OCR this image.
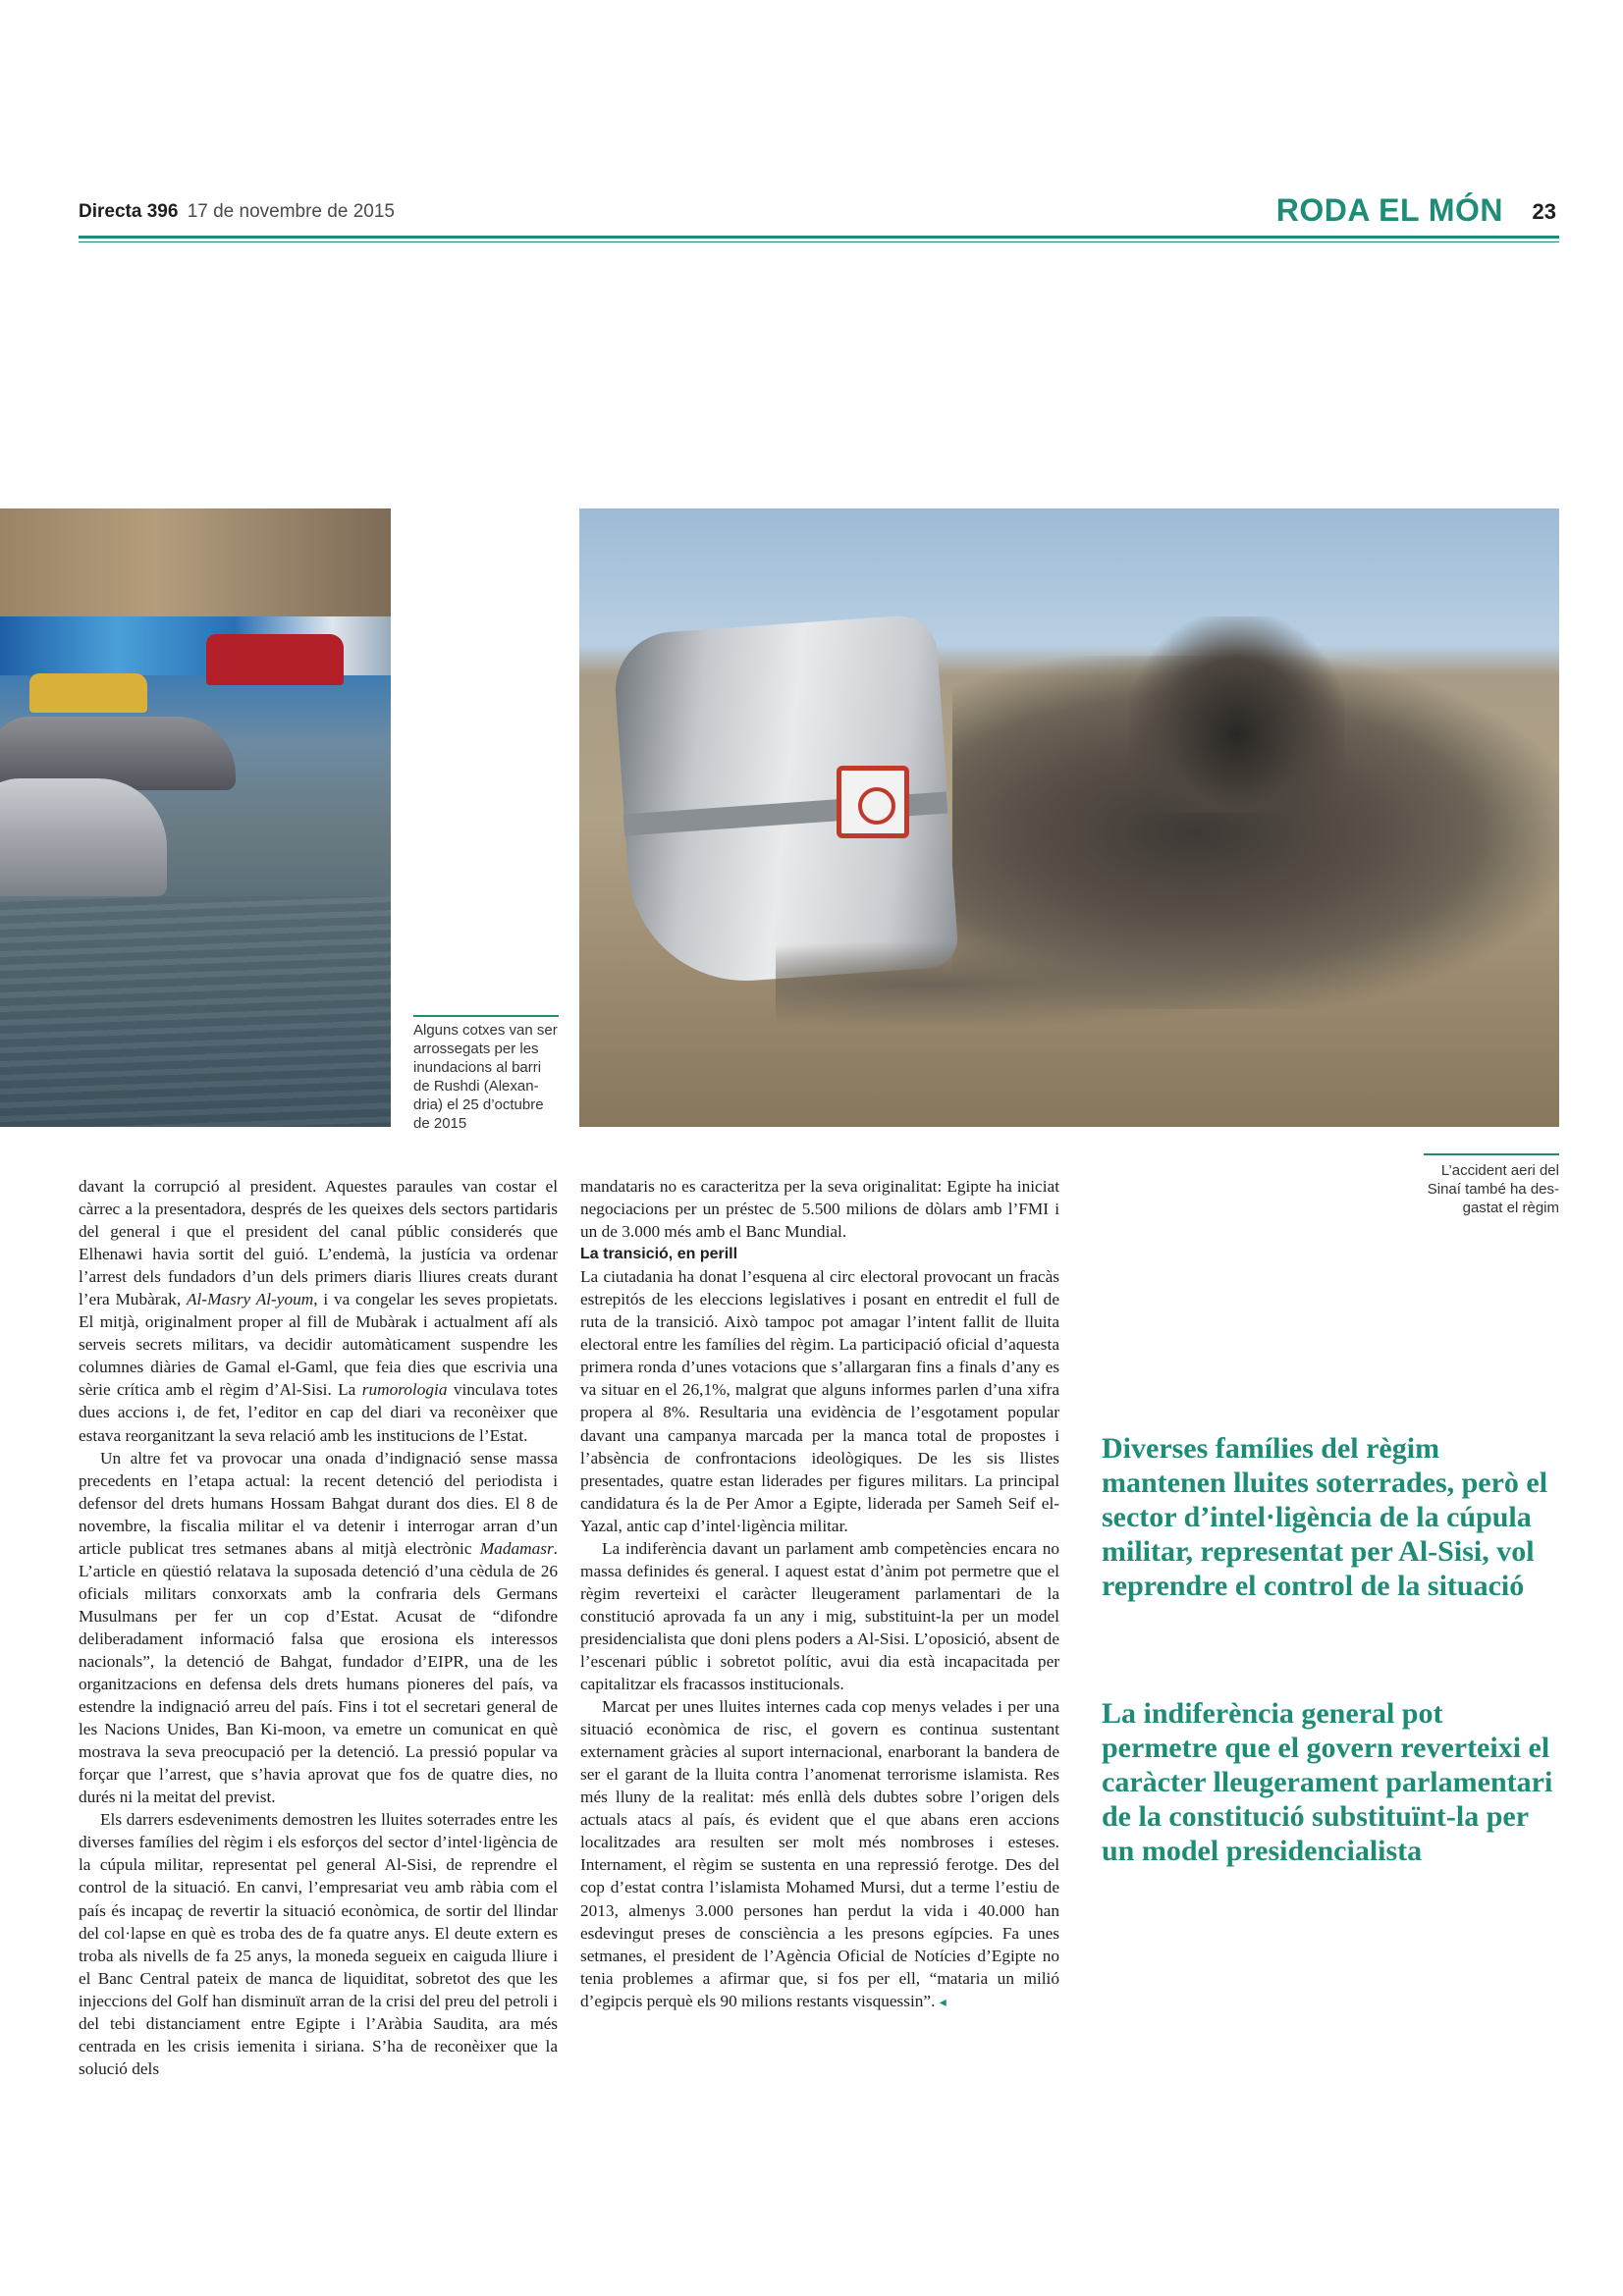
Directa 396 17 de novembre de 2015	RODA EL MÓN 23
Alguns cotxes van ser
arrossegats per les
inundacions al barri
de Rushdi (Alexan-
dria) el 25 d’octubre
de 2015
L’accident aeri del
Sinaí també ha des-
gastat el règim

davant la corrupció al president. Aquestes paraules van costar el càrrec a la presentadora, després de les queixes dels sectors partidaris del general i que el president del canal públic considerés que Elhenawi havia sortit del guió. L’endemà, la justícia va ordenar l’arrest dels fundadors d’un dels primers diaris lliures creats durant l’era Mubàrak, Al-Masry Al-youm, i va congelar les seves propietats. El mitjà, originalment proper al fill de Mubàrak i actualment afí als serveis secrets militars, va decidir automàticament suspendre les columnes diàries de Gamal el-Gaml, que feia dies que escrivia una sèrie crítica amb el règim d’Al-Sisi. La rumorologia vinculava totes dues accions i, de fet, l’editor en cap del diari va reconèixer que estava reorganitzant la seva relació amb les institucions de l’Estat.

Un altre fet va provocar una onada d’indignació sense massa precedents en l’etapa actual: la recent detenció del periodista i defensor del drets humans Hossam Bahgat durant dos dies. El 8 de novembre, la fiscalia militar el va detenir i interrogar arran d’un article publicat tres setmanes abans al mitjà electrònic Madamasr. L’article en qüestió relatava la suposada detenció d’una cèdula de 26 oficials militars conxorxats amb la confraria dels Germans Musulmans per fer un cop d’Estat. Acusat de “difondre deliberadament informació falsa que erosiona els interessos nacionals”, la detenció de Bahgat, fundador d’EIPR, una de les organitzacions en defensa dels drets humans pioneres del país, va estendre la indignació arreu del país. Fins i tot el secretari general de les Nacions Unides, Ban Ki-moon, va emetre un comunicat en què mostrava la seva preocupació per la detenció. La pressió popular va forçar que l’arrest, que s’havia aprovat que fos de quatre dies, no durés ni la meitat del previst.

Els darrers esdeveniments demostren les lluites soterrades entre les diverses famílies del règim i els esforços del sector d’intel·ligència de la cúpula militar, representat pel general Al-Sisi, de reprendre el control de la situació. En canvi, l’empresariat veu amb ràbia com el país és incapaç de revertir la situació econòmica, de sortir del llindar del col·lapse en què es troba des de fa quatre anys. El deute extern es troba als nivells de fa 25 anys, la moneda segueix en caiguda lliure i el Banc Central pateix de manca de liquiditat, sobretot des que les injeccions del Golf han disminuït arran de la crisi del preu del petroli i del tebi distanciament entre Egipte i l’Aràbia Saudita, ara més centrada en les crisis iemenita i siriana. S’ha de reconèixer que la solució dels

mandataris no es caracteritza per la seva originalitat: Egipte ha iniciat negociacions per un préstec de 5.500 milions de dòlars amb l’FMI i un de 3.000 més amb el Banc Mundial.

La transició, en perill

La ciutadania ha donat l’esquena al circ electoral provocant un fracàs estrepitós de les eleccions legislatives i posant en entredit el full de ruta de la transició. Això tampoc pot amagar l’intent fallit de lluita electoral entre les famílies del règim. La participació oficial d’aquesta primera ronda d’unes votacions que s’allargaran fins a finals d’any es va situar en el 26,1%, malgrat que alguns informes parlen d’una xifra propera al 8%. Resultaria una evidència de l’esgotament popular davant una campanya marcada per la manca total de propostes i l’absència de confrontacions ideològiques. De les sis llistes presentades, quatre estan liderades per figures militars. La principal candidatura és la de Per Amor a Egipte, liderada per Sameh Seif el-Yazal, antic cap d’intel·ligència militar.

La indiferència davant un parlament amb competències encara no massa definides és general. I aquest estat d’ànim pot permetre que el règim reverteixi el caràcter lleugerament parlamentari de la constitució aprovada fa un any i mig, substituint-la per un model presidencialista que doni plens poders a Al-Sisi. L’oposició, absent de l’escenari públic i sobretot polític, avui dia està incapacitada per capitalitzar els fracassos institucionals.

Marcat per unes lluites internes cada cop menys velades i per una situació econòmica de risc, el govern es continua sustentant externament gràcies al suport internacional, enarborant la bandera de ser el garant de la lluita contra l’anomenat terrorisme islamista. Res més lluny de la realitat: més enllà dels dubtes sobre l’origen dels actuals atacs al país, és evident que el que abans eren accions localitzades ara resulten ser molt més nombroses i esteses. Internament, el règim se sustenta en una repressió ferotge. Des del cop d’estat contra l’islamista Mohamed Mursi, dut a terme l’estiu de 2013, almenys 3.000 persones han perdut la vida i 40.000 han esdevingut preses de consciència a les presons egípcies. Fa unes setmanes, el president de l’Agència Oficial de Notícies d’Egipte no tenia problemes a afirmar que, si fos per ell, “mataria un milió d’egipcis perquè els 90 milions restants visquessin”. ◂

Diverses famílies del règim mantenen lluites soterrades, però el sector d’intel·ligència de la cúpula militar, representat per Al-Sisi, vol reprendre el control de la situació
La indiferència general pot permetre que el govern reverteixi el caràcter lleugerament parlamentari de la constitució substituïnt-la per un model presidencialista
